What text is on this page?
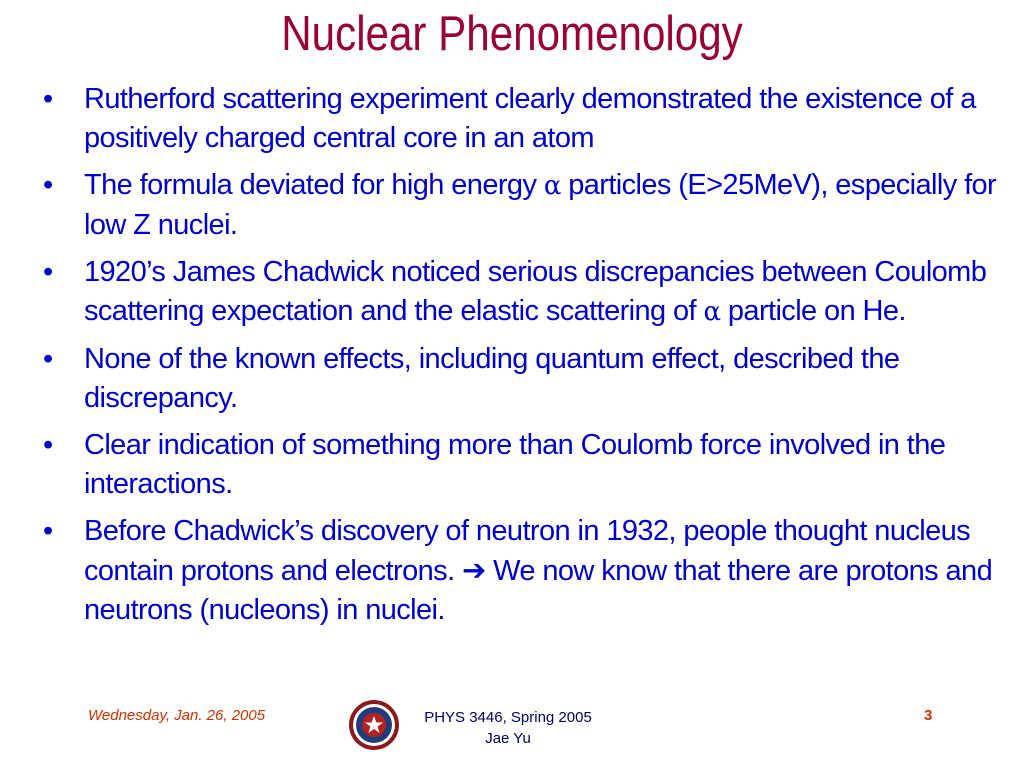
Nuclear Phenomenology
• Rutherford scattering experiment clearly demonstrated the existence of a positively charged central core in an atom
• The formula deviated for high energy α particles (E>25MeV), especially for low Z nuclei.
• 1920’s James Chadwick noticed serious discrepancies between Coulomb scattering expectation and the elastic scattering of α particle on He.
• None of the known effects, including quantum effect, described the discrepancy.
• Clear indication of something more than Coulomb force involved in the interactions.
• Before Chadwick’s discovery of neutron in 1932, people thought nucleus contain protons and electrons. ➔ We now know that there are protons and neutrons (nucleons) in nuclei.
Wednesday, Jan. 26, 2005	PHYS 3446, Spring 2005
Jae Yu
3
